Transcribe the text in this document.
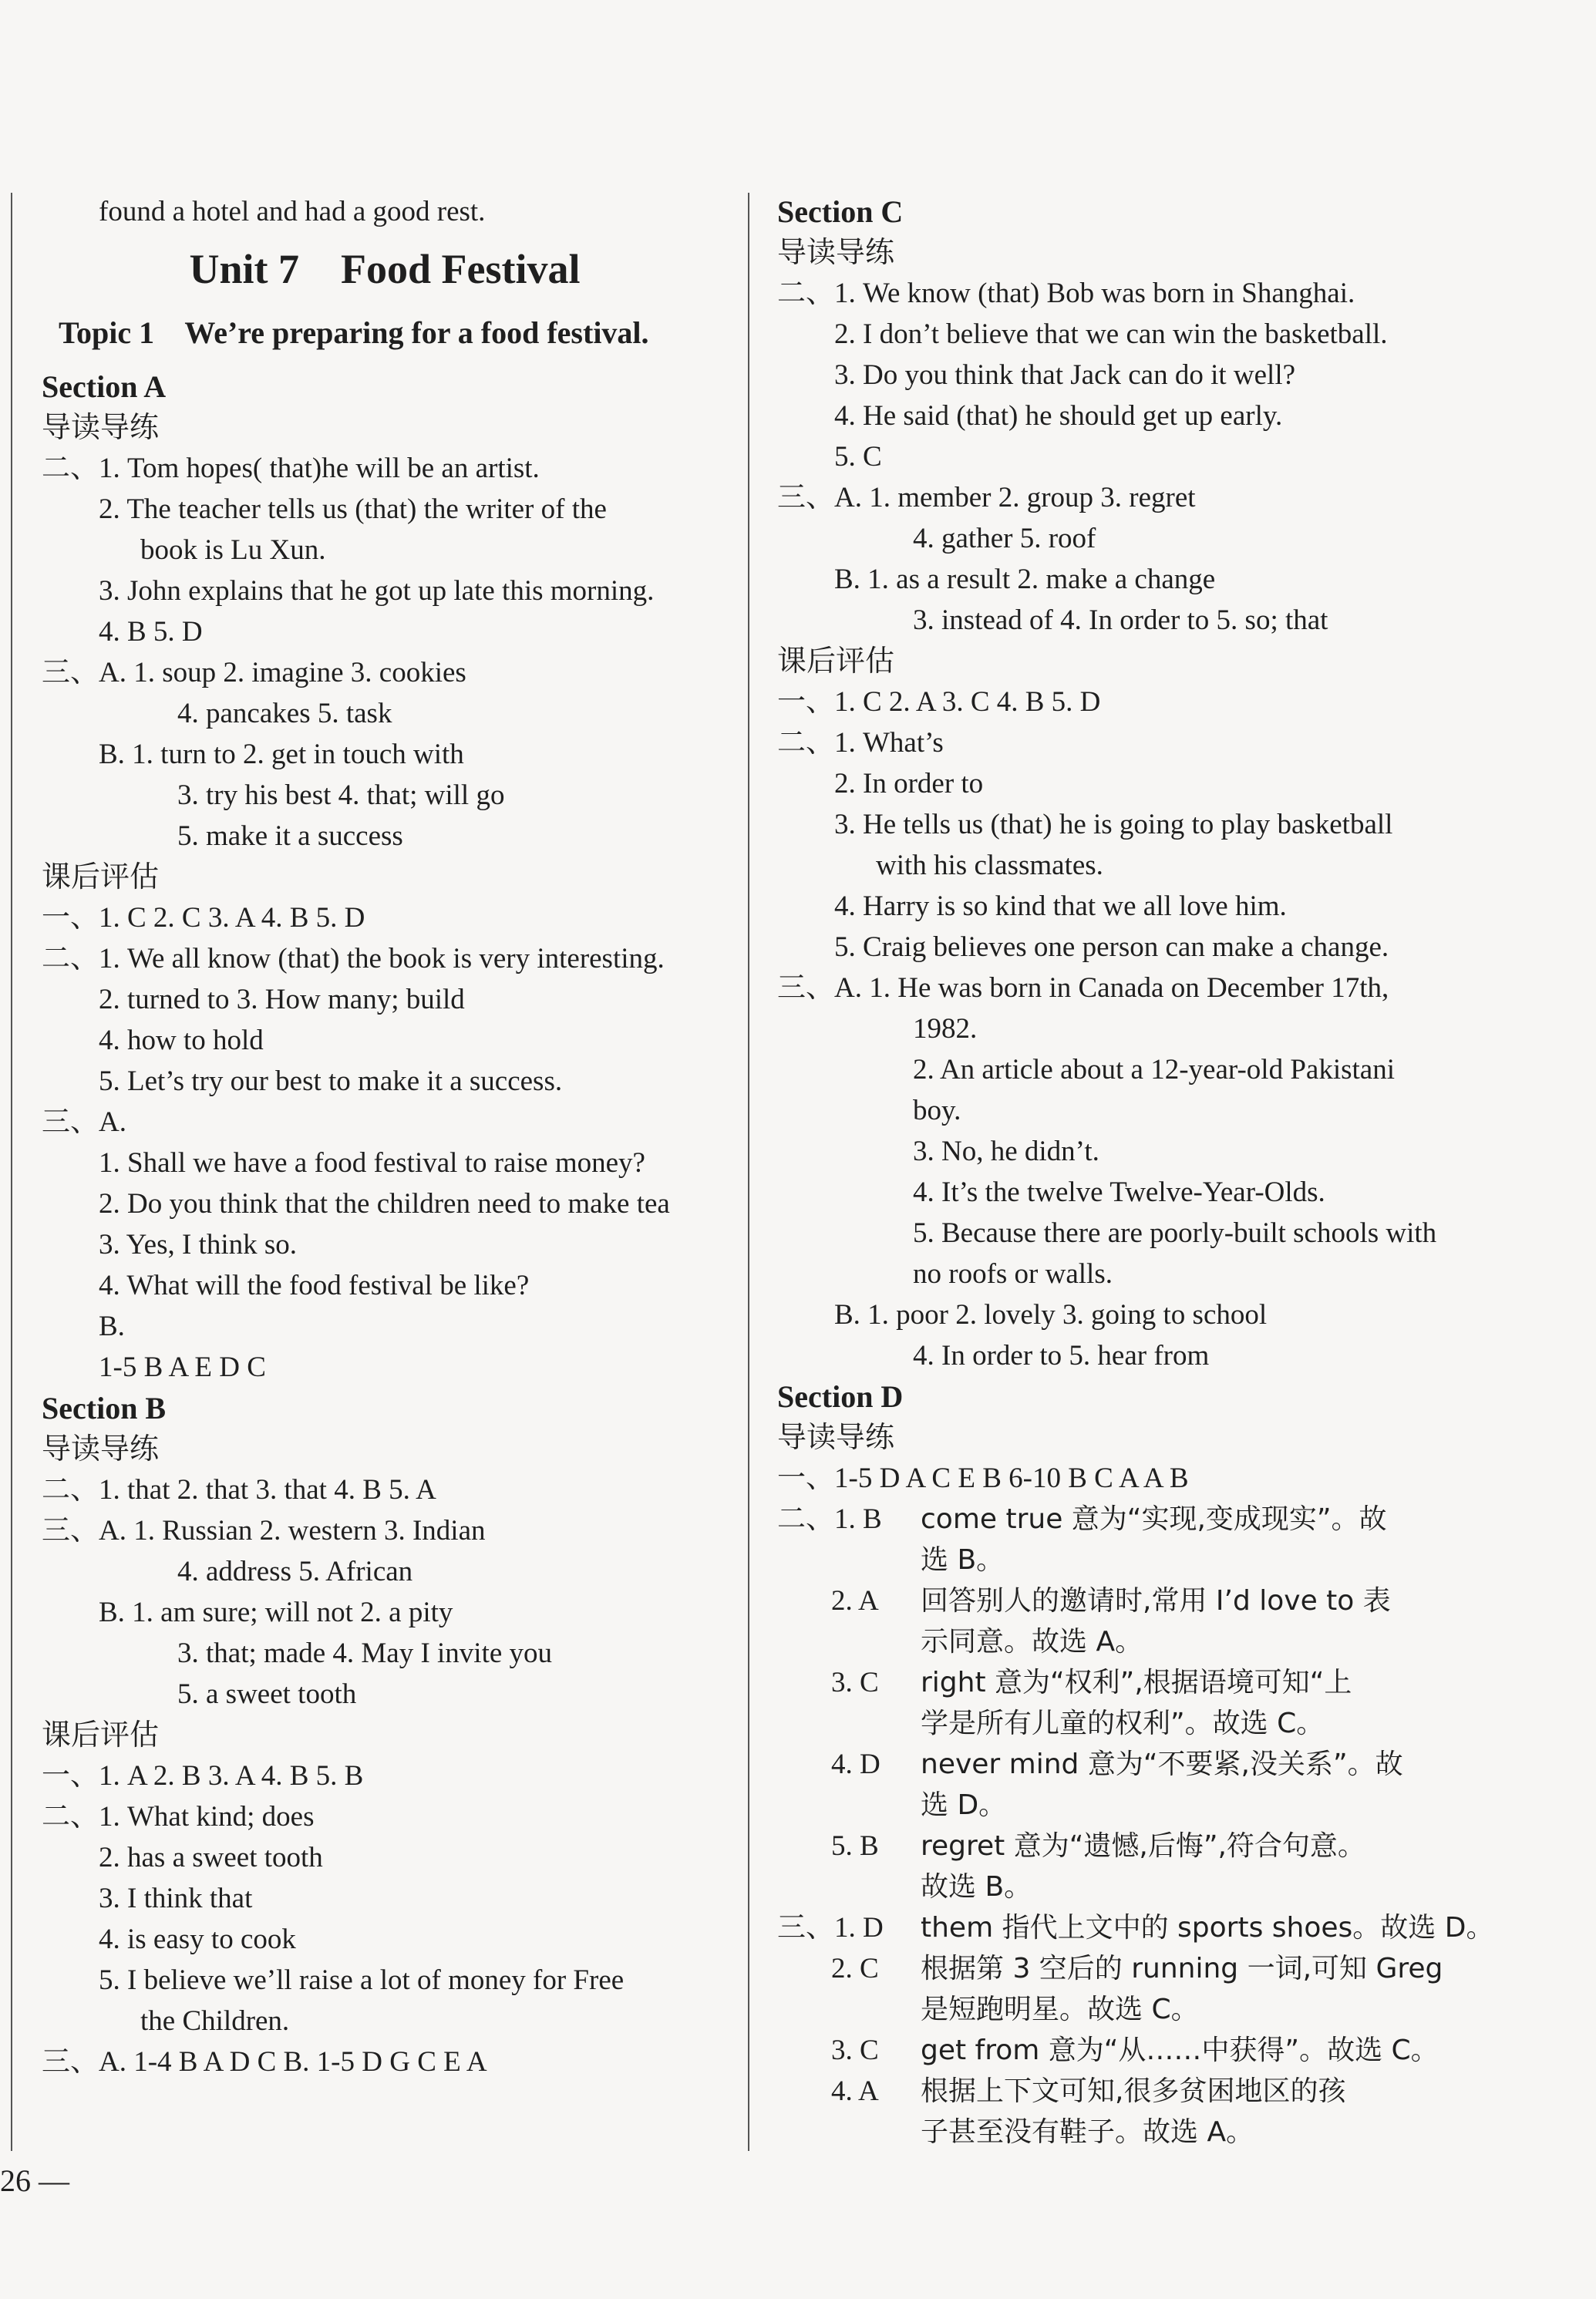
found a hotel and had a good rest.
Unit 7    Food Festival
Topic 1    We’re preparing for a food festival.
Section A
导读导练
二、1. Tom hopes( that)he will be an artist.
2. The teacher tells us (that) the writer of the
book is Lu Xun.
3. John explains that he got up late this morning.
4. B 5. D
三、A. 1. soup 2. imagine 3. cookies
4. pancakes 5. task
B. 1. turn to 2. get in touch with
3. try his best 4. that; will go
5. make it a success
课后评估
一、1. C 2. C 3. A 4. B 5. D
二、1. We all know (that) the book is very interesting.
2. turned to 3. How many; build
4. how to hold
5. Let’s try our best to make it a success.
三、A.
1. Shall we have a food festival to raise money?
2. Do you think that the children need to make tea
3. Yes, I think so.
4. What will the food festival be like?
B.
1-5 B A E D C
Section B
导读导练
二、1. that 2. that 3. that 4. B 5. A
三、A. 1. Russian 2. western 3. Indian
4. address 5. African
B. 1. am sure; will not 2. a pity
3. that; made 4. May I invite you
5. a sweet tooth
课后评估
一、1. A 2. B 3. A 4. B 5. B
二、1. What kind; does
2. has a sweet tooth
3. I think that
4. is easy to cook
5. I believe we’ll raise a lot of money for Free
the Children.
三、A. 1-4 B A D C B. 1-5 D G C E A
Section C
导读导练
二、1. We know (that) Bob was born in Shanghai.
2. I don’t believe that we can win the basketball.
3. Do you think that Jack can do it well?
4. He said (that) he should get up early.
5. C
三、A. 1. member 2. group 3. regret
4. gather 5. roof
B. 1. as a result 2. make a change
3. instead of 4. In order to 5. so; that
课后评估
一、1. C 2. A 3. C 4. B 5. D
二、1. What’s
2. In order to
3. He tells us (that) he is going to play basketball
with his classmates.
4. Harry is so kind that we all love him.
5. Craig believes one person can make a change.
三、A. 1. He was born in Canada on December 17th,
1982.
2. An article about a 12-year-old Pakistani
boy.
3. No, he didn’t.
4. It’s the twelve Twelve-Year-Olds.
5. Because there are poorly-built schools with
no roofs or walls.
B. 1. poor 2. lovely 3. going to school
4. In order to 5. hear from
Section D
导读导练
一、1-5 D A C E B 6-10 B C A A B
二、1. B	come true 意为“实现,变成现实”。故
选 B。
2. A	回答别人的邀请时,常用 I’d love to 表
示同意。故选 A。
3. C	right 意为“权利”,根据语境可知“上
学是所有儿童的权利”。故选 C。
4. D	never mind 意为“不要紧,没关系”。故
选 D。
5. B	regret 意为“遗憾,后悔”,符合句意。
故选 B。
三、1. D	them 指代上文中的 sports shoes。故选 D。
2. C	根据第 3 空后的 running 一词,可知 Greg
是短跑明星。故选 C。
3. C	get from 意为“从……中获得”。故选 C。
4. A	根据上下文可知,很多贫困地区的孩
子甚至没有鞋子。故选 A。
26 —
